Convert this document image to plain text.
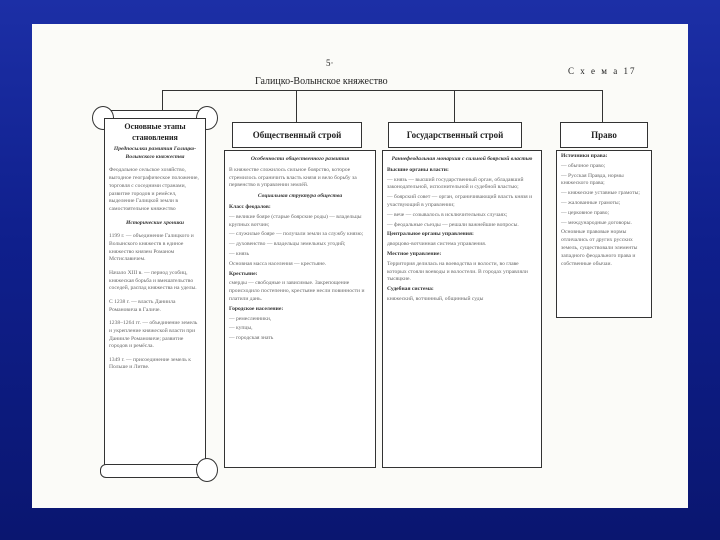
5·
С х е м а 17
Галицко-Волынское княжество
Основные этапы становления
Предпосылки развития Галицко-Волынского княжества

Феодальное сельское хозяйство, выгодное географическое положение, торговля с соседними странами, развитие городов и ремёсел, выделение Галицкой земли в самостоятельное княжество

Исторические хроники

1199 г. — объединение Галицкого и Волынского княжеств в единое княжество князем Романом Мстиславичем.

Начало XIII в. — период усобиц, княжеская борьба и вмешательство соседей, распад княжества на уделы.

С 1238 г. — власть Даниила Романовича в Галиче.

1238–1264 гг. — объединение земель и укрепление княжеской власти при Данииле Романовиче; развитие городов и ремёсла.

1349 г. — присоединение земель к Польше и Литве.

Общественный строй
Особенности общественного развития

В княжестве сложилось сильное боярство, которое стремилось ограничить власть князя и вело борьбу за первенство в управлении землёй.

Социальная структура общества

Класс феодалов:

— великие бояре (старые боярские роды) — владельцы крупных вотчин;

— служилые бояре — получали земли за службу князю;

— духовенство — владельцы земельных угодий;

— князь

Основная масса населения — крестьяне.

Крестьяне:

смерды — свободные и зависимые. Закрепощение происходило постепенно, крестьяне несли повинности и платили дань.

Городское население:

— ремесленники,

— купцы,

— городская знать

Государственный строй
Раннефеодальная монархия с сильной боярской властью

Высшие органы власти:

— князь — высший государственный орган, обладавший законодательной, исполнительной и судебной властью;

— боярский совет — орган, ограничивающий власть князя и участвующий в управлении;

— вече — созывалось в исключительных случаях;

— феодальные съезды — решали важнейшие вопросы.

Центральное органы управления:

дворцово-вотчинная система управления.

Местное управление:

Территория делилась на воеводства и волости, во главе которых стояли воеводы и волостели. В городах управляли тысяцкие.

Судебная система:

княжеский, вотчинный, общинный суды

Право

Источники права:

— обычное право;

— Русская Правда, нормы княжеского права;

— княжеские уставные грамоты;

— жалованные грамоты;

— церковное право;

— международные договоры.

Основные правовые нормы отличались от других русских земель, существовали элементы западного феодального права и собственные обычаи.
